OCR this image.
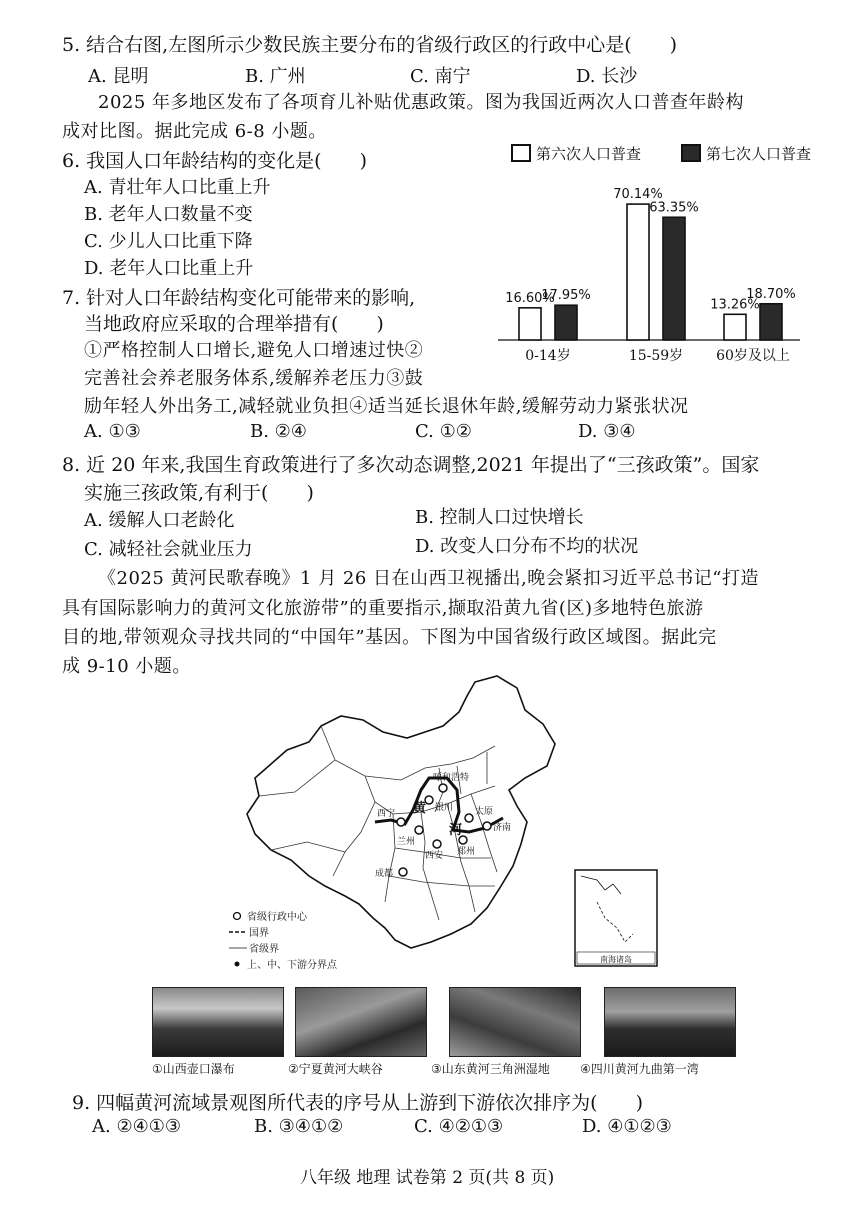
5. 结合右图,左图所示少数民族主要分布的省级行政区的行政中心是(　　)
A. 昆明	B. 广州	C. 南宁	D. 长沙
2025 年多地区发布了各项育儿补贴优惠政策。图为我国近两次人口普查年龄构
成对比图。据此完成 6-8 小题。
6. 我国人口年龄结构的变化是(　　)
A. 青壮年人口比重上升
B. 老年人口数量不变
C. 少儿人口比重下降
D. 老年人口比重上升
7. 针对人口年龄结构变化可能带来的影响,
当地政府应采取的合理举措有(　　)
①严格控制人口增长,避免人口增速过快②
完善社会养老服务体系,缓解养老压力③鼓
励年轻人外出务工,减轻就业负担④适当延长退休年龄,缓解劳动力紧张状况
A. ①③	B. ②④	C. ①②	D. ③④
第六次人口普查	第七次人口普查
16.60%
17.95%
0-14岁
70.14%
63.35%
15-59岁
13.26%
18.70%
60岁及以上
8. 近 20 年来,我国生育政策进行了多次动态调整,2021 年提出了“三孩政策”。国家
实施三孩政策,有利于(　　)
A. 缓解人口老龄化	B. 控制人口过快增长
C. 减轻社会就业压力	D. 改变人口分布不均的状况
《2025 黄河民歌春晚》1 月 26 日在山西卫视播出,晚会紧扣习近平总书记“打造
具有国际影响力的黄河文化旅游带”的重要指示,撷取沿黄九省(区)多地特色旅游
目的地,带领观众寻找共同的“中国年”基因。下图为中国省级行政区域图。据此完
成 9-10 小题。
呼和浩特
银川 太原
济南
西宁
兰州
西安 郑州
成都
黄
河
省级行政中心
国界
省级界
上、中、下游分界点
南海诸岛
①山西壶口瀑布	②宁夏黄河大峡谷	③山东黄河三角洲湿地	④四川黄河九曲第一湾
9. 四幅黄河流域景观图所代表的序号从上游到下游依次排序为(　　)
A. ②④①③	B. ③④①②	C. ④②①③	D. ④①②③
八年级 地理 试卷第 2 页(共 8 页)
